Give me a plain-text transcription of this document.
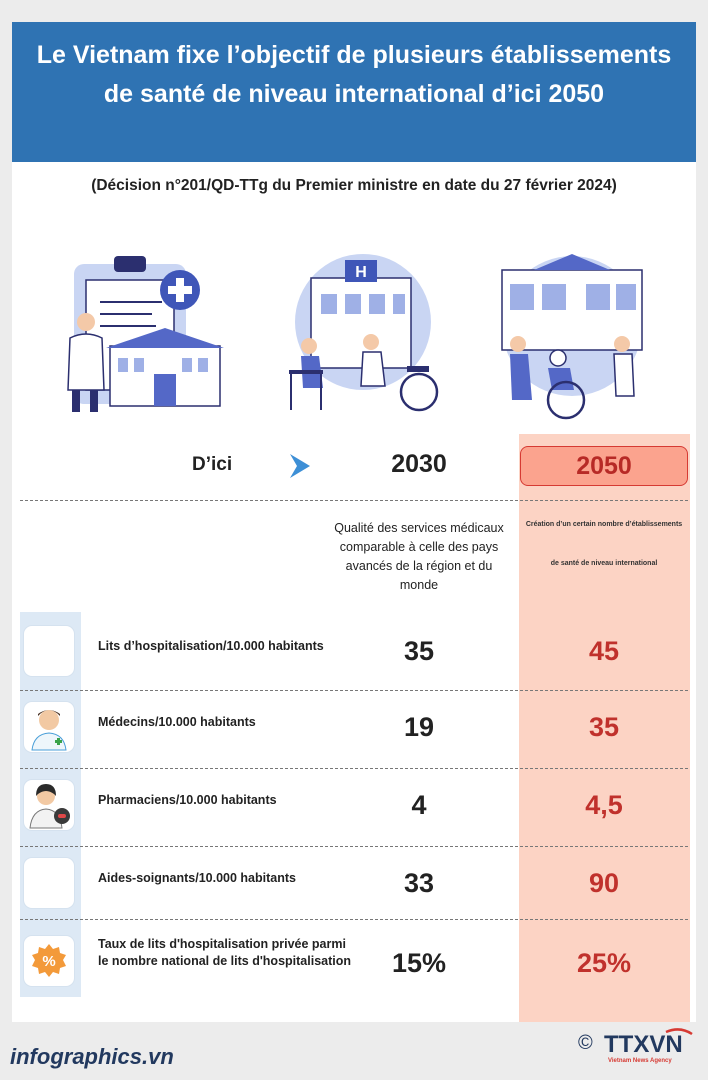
Le Vietnam fixe l’objectif de plusieurs établissements
de santé de niveau international d’ici 2050
(Décision n°201/QD-TTg du Premier ministre en date du 27 février 2024)
H
D’ici	2030	2050
Qualité des services médicaux comparable à celle des pays avancés de la région et du monde
Création d’un certain nombre d’établissements
de santé de niveau international
Lits d’hospitalisation/10.000 habitants	35	45
Médecins/10.000 habitants	19	35
Pharmaciens/10.000 habitants	4	4,5
Aides-soignants/10.000 habitants	33	90
%
Taux de lits d'hospitalisation privée parmi
le nombre national de lits d'hospitalisation	15%	25%
infographics.vn
© TTXVN
Vietnam News Agency
